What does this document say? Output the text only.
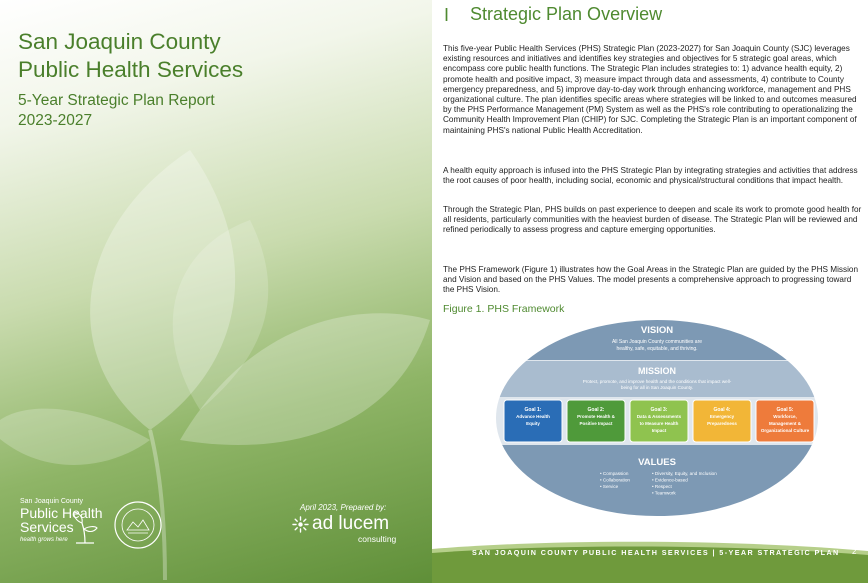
San Joaquin County
Public Health Services
5-Year Strategic Plan Report
2023-2027
San Joaquin County
Public Health
Services
health grows here
April 2023, Prepared by:
ad lucem
consulting
I Strategic Plan Overview

This five-year Public Health Services (PHS) Strategic Plan (2023-2027) for San Joaquin County (SJC) leverages existing resources and initiatives and identifies key strategies and objectives for 5 strategic goal areas, which encompass core public health functions. The Strategic Plan includes strategies to: 1) advance health equity, 2) promote health and positive impact, 3) measure impact through data and assessments, 4) contribute to County emergency preparedness, and 5) improve day-to-day work through enhancing workforce, management and PHS organizational culture. The plan identifies specific areas where strategies will be linked to and outcomes measured by the PHS Performance Management (PM) System as well as the PHS's role contributing to operationalizing the Community Health Improvement Plan (CHIP) for SJC. Completing the Strategic Plan is an important component of maintaining PHS's national Public Health Accreditation.

A health equity approach is infused into the PHS Strategic Plan by integrating strategies and activities that address the root causes of poor health, including social, economic and physical/structural conditions that impact health.

Through the Strategic Plan, PHS builds on past experience to deepen and scale its work to promote good health for all residents, particularly communities with the heaviest burden of disease. The Strategic Plan will be reviewed and refined periodically to assess progress and capture emerging opportunities.

The PHS Framework (Figure 1) illustrates how the Goal Areas in the Strategic Plan are guided by the PHS Mission and Vision and based on the PHS Values. The model presents a comprehensive approach to progressing toward the PHS Vision.

Figure 1. PHS Framework
VISION
All San Joaquin County communities are
healthy, safe, equitable, and thriving.
MISSION
Protect, promote, and improve health and the conditions that impact well-
being for all in San Joaquin County.
Goal 1:
Advance Health
Equity
Goal 2:
Promote Health &
Positive Impact
Goal 3:
Data & Assessments
to Measure Health
Impact
Goal 4:
Emergency
Preparedness
Goal 5:
Workforce,
Management &
Organizational Culture
VALUES
• Compassion
• Collaboration
• Service
• Diversity, Equity, and Inclusion
• Evidence-based
• Respect
• Teamwork
SAN JOAQUIN COUNTY PUBLIC HEALTH SERVICES | 5-YEAR STRATEGIC PLAN 2
